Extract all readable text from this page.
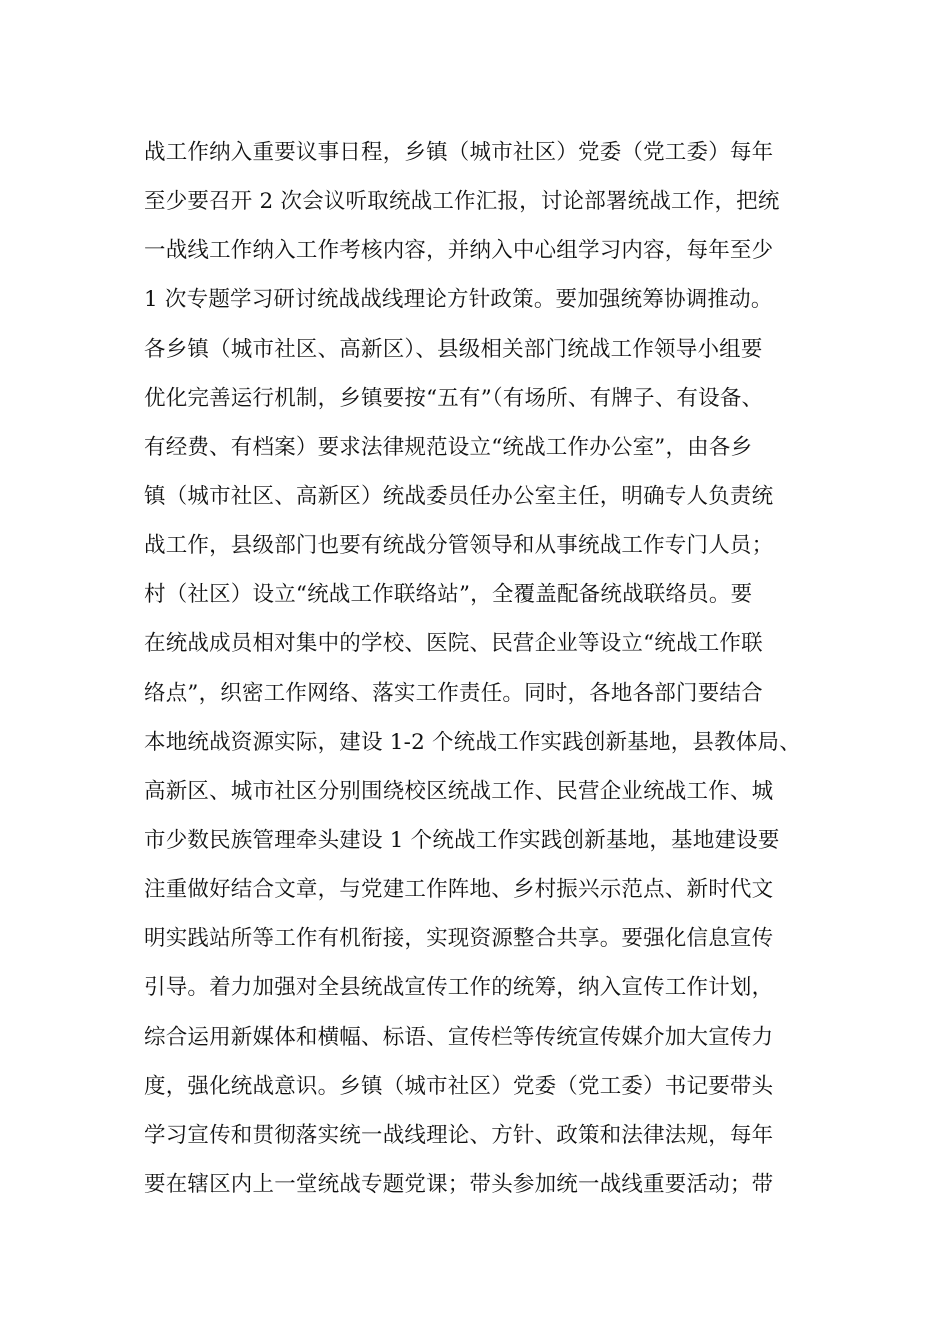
战工作纳入重要议事日程，乡镇（城市社区）党委（党工委）每年
至少要召开 2 次会议听取统战工作汇报，讨论部署统战工作，把统
一战线工作纳入工作考核内容，并纳入中心组学习内容，每年至少
1 次专题学习研讨统战战线理论方针政策。要加强统筹协调推动。
各乡镇（城市社区、高新区）、县级相关部门统战工作领导小组要
优化完善运行机制，乡镇要按“五有”（有场所、有牌子、有设备、
有经费、有档案）要求法律规范设立“统战工作办公室”，由各乡
镇（城市社区、高新区）统战委员任办公室主任，明确专人负责统
战工作，县级部门也要有统战分管领导和从事统战工作专门人员；
村（社区）设立“统战工作联络站”，全覆盖配备统战联络员。要
在统战成员相对集中的学校、医院、民营企业等设立“统战工作联
络点”，织密工作网络、落实工作责任。同时，各地各部门要结合
本地统战资源实际，建设 1-2 个统战工作实践创新基地，县教体局、
高新区、城市社区分别围绕校区统战工作、民营企业统战工作、城
市少数民族管理牵头建设 1 个统战工作实践创新基地，基地建设要
注重做好结合文章，与党建工作阵地、乡村振兴示范点、新时代文
明实践站所等工作有机衔接，实现资源整合共享。要强化信息宣传
引导。着力加强对全县统战宣传工作的统筹，纳入宣传工作计划，
综合运用新媒体和横幅、标语、宣传栏等传统宣传媒介加大宣传力
度，强化统战意识。乡镇（城市社区）党委（党工委）书记要带头
学习宣传和贯彻落实统一战线理论、方针、政策和法律法规，每年
要在辖区内上一堂统战专题党课；带头参加统一战线重要活动；带
